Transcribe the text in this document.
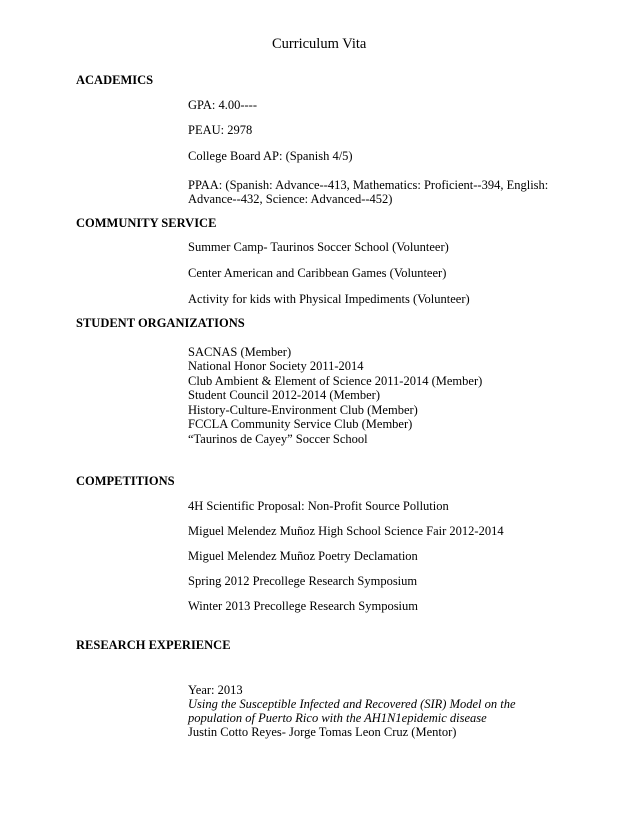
Curriculum Vita
ACADEMICS
GPA: 4.00----
PEAU: 2978
College Board AP: (Spanish 4/5)
PPAA: (Spanish: Advance--413, Mathematics: Proficient--394, English:
Advance--432, Science: Advanced--452)
COMMUNITY SERVICE
Summer Camp- Taurinos Soccer School (Volunteer)
Center American and Caribbean Games (Volunteer)
Activity for kids with Physical Impediments (Volunteer)
STUDENT ORGANIZATIONS
SACNAS (Member)
National Honor Society 2011-2014
Club Ambient & Element of Science 2011-2014 (Member)
Student Council 2012-2014 (Member)
History-Culture-Environment Club (Member)
FCCLA Community Service Club (Member)
“Taurinos de Cayey” Soccer School
COMPETITIONS
4H Scientific Proposal: Non-Profit Source Pollution
Miguel Melendez Muñoz High School Science Fair 2012-2014
Miguel Melendez Muñoz Poetry Declamation
Spring 2012 Precollege Research Symposium
Winter 2013 Precollege Research Symposium
RESEARCH EXPERIENCE
Year: 2013
Using the Susceptible Infected and Recovered (SIR) Model on the
population of Puerto Rico with the AH1N1epidemic disease
Justin Cotto Reyes- Jorge Tomas Leon Cruz (Mentor)
